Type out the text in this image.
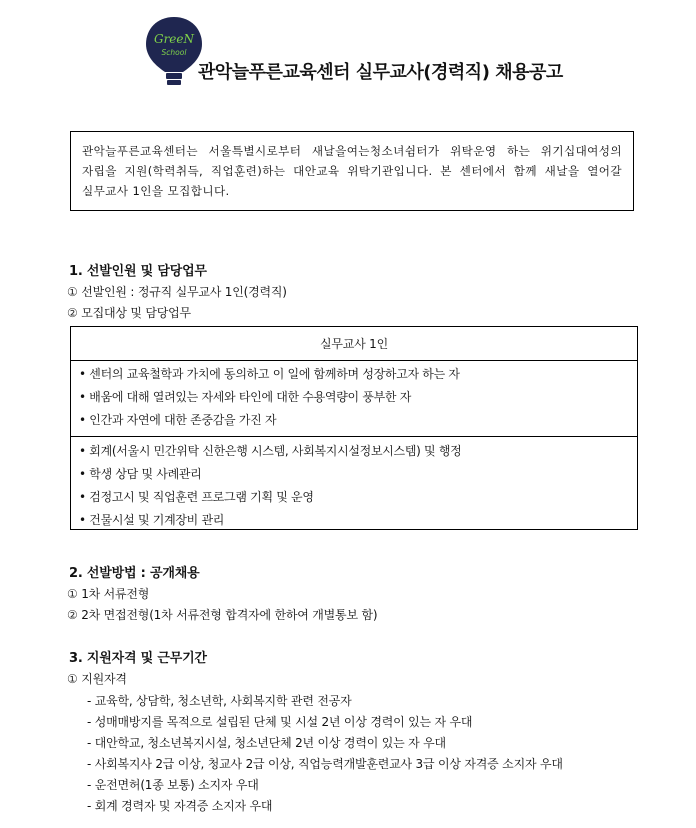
GreeN
School
관악늘푸른교육센터 실무교사(경력직) 채용공고
관악늘푸른교육센터는 서울특별시로부터 새날을여는청소녀쉼터가 위탁운영 하는 위기십대여성의 자립을 지원(학력취득, 직업훈련)하는 대안교육 위탁기관입니다. 본 센터에서 함께 새날을 열어갈 실무교사 1인을 모집합니다.
1. 선발인원 및 담당업무
① 선발인원 : 정규직 실무교사 1인(경력직)
② 모집대상 및 담당업무
실무교사 1인
• 센터의 교육철학과 가치에 동의하고 이 일에 함께하며 성장하고자 하는 자
• 배움에 대해 열려있는 자세와 타인에 대한 수용역량이 풍부한 자
• 인간과 자연에 대한 존중감을 가진 자
• 회계(서울시 민간위탁 신한은행 시스템, 사회복지시설정보시스템) 및 행정
• 학생 상담 및 사례관리
• 검정고시 및 직업훈련 프로그램 기획 및 운영
• 건물시설 및 기계장비 관리
2. 선발방법 : 공개채용
① 1차 서류전형
② 2차 면접전형(1차 서류전형 합격자에 한하여 개별통보 함)
3. 지원자격 및 근무기간
① 지원자격
- 교육학, 상담학, 청소년학, 사회복지학 관련 전공자
- 성매매방지를 목적으로 설립된 단체 및 시설 2년 이상 경력이 있는 자 우대
- 대안학교, 청소년복지시설, 청소년단체 2년 이상 경력이 있는 자 우대
- 사회복지사 2급 이상, 청교사 2급 이상, 직업능력개발훈련교사 3급 이상 자격증 소지자 우대
- 운전면허(1종 보통) 소지자 우대
- 회계 경력자 및 자격증 소지자 우대
